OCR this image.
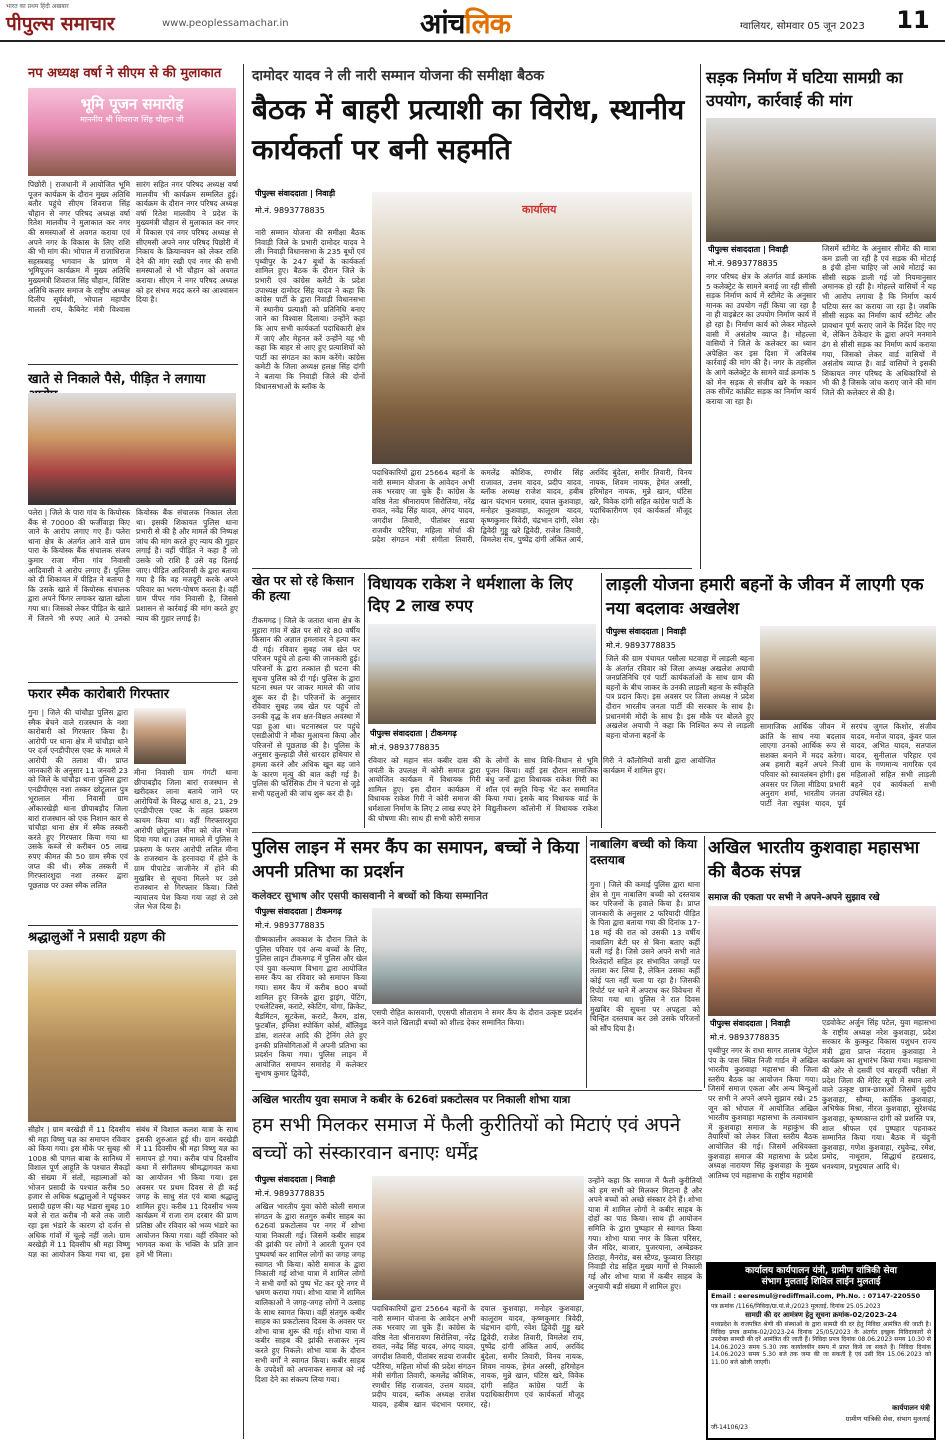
पीपुल्स समाचार
भारत का प्रथम हिंदी अखबार
www.peoplessamachar.in	आंचलिक	ग्वालियर, सोमवार 05 जून 2023 11
नप अध्यक्ष वर्षा ने सीएम से की मुलाकात
भूमि पूजन समारोह
माननीय श्री शिवराज सिंह चौहान जी
पिछोरी | राजधानी में आयोजित भूमि पूजन कार्यक्रम के दौरान मुख्य अतिथि बतौर पहुंचे सीएम शिवराज सिंह चौहान से नगर परिषद अध्यक्ष वर्षा रितेश मालवीय ने मुलाकात कर नगर की समस्याओं से अवगत कराया एवं अपने नगर के विकास के लिए राशि की भी मांग की। भोपाल में राजाधिराज सहस्त्रबाहु भगवान के प्रांगण में भूमिपूजन कार्यक्रम में मुख्य अतिथि मुख्यमंत्री शिवराज सिंह चौहान, विशिष्ट अतिथि कलार समाज के राष्ट्रीय अध्यक्ष दिलीप सूर्यवंशी, भोपाल महापौर मालती राय, कैबिनेट मंत्री विश्वास सारंग सहित नगर परिषद अध्यक्ष वर्षा मालवीय भी कार्यक्रम सम्मलित हुई। कार्यक्रम के दौरान नगर परिषद अध्यक्ष वर्षा रितेश मालवीय ने प्रदेश के मुख्यमंत्री चौहान से मुलाकात कर नगर में विकास एवं नगर परिषद अध्यक्ष से सीएमसी अपने नगर परिषद पिछोरी में निकाय के क्रियान्वयन को लेकर राशि देने की मांग रखी एवं नगर की सभी समस्याओं से भी चौहान को अवगत कराया। सीएम ने नगर परिषद अध्यक्ष को हर संभव मदद करने का आश्वासन दिया है।
खाते से निकाले पैसे, पीड़ित ने लगाया
पलेरा | जिले के पारा गांव के कियोस्क बैंक से 70000 की फर्जीवाड़ा किए जाने के आरोप लगाए गए हैं। पलेरा थाना क्षेत्र के अंतर्गत आने वाले ग्राम पारा के कियोस्क बैंक संचालक संजय कुमार राजा मीना गांव निवासी आदिवासी ने आरोप लगाए हैं। पुलिस को दी शिकायत में पीड़ित ने बताया है कि उसके खाते में कियोस्क संचालक द्वारा अपने फिंगर लगाकर खाता खोला गया था। जिसको लेकर पीड़ित के खाते में जितने भी रुपए आते थे उनको कियोस्क बैंक संचालक निकाल लेता था। इसकी शिकायत पुलिस थाना प्रभारी से की है और मामले की निष्पक्ष जांच की मांग करते हुए न्याय की गुहार लगाई है। वहीं पीड़ित ने कहा है जो उसके जो राशि है उसे वह दिलाई जाए। पीड़ित आदिवासी के द्वारा बताया गया है कि वह मजदूरी करके अपने परिवार का भरण-पोषण करता है। वहीं ग्राम पीपर गांव निवासी है, जिससे प्रशासन से कार्रवाई की मांग करते हुए न्याय की गुहार लगाई है।
फरार स्मैक कारोबारी गिरफ्तार
गुना | जिले की चांचौड़ा पुलिस द्वारा स्मैक बेचने वाले राजस्थान के नशा कारोबारी को गिरफ्तार किया है। आरोपी पर थाना क्षेत्र में चांचौड़ा थाने पर दर्ज एनडीपीएस एक्ट के मामले में आरोपी की तलाश थी। प्राप्त जानकारी के अनुसार 11 जनवरी 23 को जिले के चांचौड़ा थाना पुलिस द्वारा एनडीपीएस नशा तस्कर छोटूलाल पुत्र भूरालाल मीना निवासी ग्राम ओंकारखेड़ी थाना छीपाबड़ौद जिला बारां राजस्थान को एक निशान कार से चांचौड़ा थाना क्षेत्र में स्मैक तस्करी करते हुए गिरफ्तार किया गया था उसके कब्जे से करीबन 05 लाख रुपए कीमत की 50 ग्राम स्मैक एवं जप्त की थी। स्मैक तस्करी में गिरफ्तारशुदा नशा तस्कर द्वारा पूछताछ पर उक्त स्मैक ललित
मीना निवासी ग्राम गंगटी थाना छीपाबड़ौद जिला बारां राजस्थान से खरीदकर लाना बताये जाने पर आरोपियों के विरुद्ध धारा 8, 21, 29 एनडीपीएस एक्ट के तहत प्रकरण कायम किया था। वहीं गिरफ्तारशुदा आरोपी छोटूलाल मीना को जेल भेजा दिया गया था। उक्त मामले में पुलिस ने प्रकरण के फरार आरोपी ललित मीना के राजस्थान के हरनावदा में होने के ग्राम पीपाटेड जाजीनेर में होने की मुखबिर से सूचना मिलने पर उसे राजस्थान से गिरफ्तार किया। जिसे न्यायालय पेश किया गया जहां से उसे जेल भेज दिया है।
श्रद्धालुओं ने प्रसादी ग्रहण की
सीहोर | ग्राम बरखेड़ी में 11 दिवसीय श्री महा विष्णु यज्ञ का समापन रविवार को किया गया। इस मौके पर सुबह श्री 1008 श्री पागल बाबा के सानिध्य में विशाल पूर्ण आहूति के पश्चात सैकड़ों की संख्या में संतों, महात्माओं को भोजन प्रसादी के पश्चात करीब 50 हजार से अधिक श्रद्धालुओं ने पहुंचकर प्रसादी ग्रहण की। यह भंडारा सुबह 10 बजे से रात करीब नौ बजे तक जारी रहा इस भंडारे के कारण दो दर्जन से अधिक गांवों में चूल्हे नहीं जले। ग्राम बरखेड़ी में 11 दिवसीय श्री महा विष्णु यज्ञ का आयोजन किया गया था, इस संबंध में विशाल कलश यात्रा के साथ इसकी शुरुआत हुई थी। ग्राम बरखेड़ी में 11 दिवसीय श्री महा विष्णु यज्ञ का समापन हो गया। करीब पांच दिवसीय कथा में संगीतमय श्रीमद्भागवत कथा का आयोजन भी किया गया। इस अवसर पर प्रथम दिवस से ही कई जगह के साधु संत एवं बाबा श्रद्धालु शामिल हुए। करीब 11 दिवसीय भव्य कार्यक्रम में राजा राम दरबार की प्राण प्रतिष्ठा और रविवार को भव्य भंडारे का आयोजन किया गया। वहीं रविवार को भागवत कथा के भक्ति के प्रति ज्ञान हमें भी मिला।
दामोदर यादव ने ली नारी सम्मान योजना की समीक्षा बैठक
बैठक में बाहरी प्रत्याशी का विरोध, स्थानीय कार्यकर्ता पर बनी सहमति
पीपुल्स संवाददाता | निवाड़ी
मो.नं. 9893778835
नारी सम्मान योजना की समीक्षा बैठक निवाड़ी जिले के प्रभारी दामोदर यादव ने ली। निवाड़ी विधानसभा के 235 बूथों एवं पृथ्वीपुर के 247 बूथों के कार्यकर्ता शामिल हुए। बैठक के दौरान जिले के प्रभारी एवं कांग्रेस कमेटी के प्रदेश उपाध्यक्ष दामोदर सिंह यादव ने कहा कि कांग्रेस पार्टी के द्वारा निवाड़ी विधानसभा में स्थानीय प्रत्याशी को प्रतिनिधि बनाए जाने का विश्वास दिलाया। उन्होंने कहा कि आप सभी कार्यकर्ता पदाधिकारी क्षेत्र में जाएं और मेहनत करें उन्होंने यह भी कहा कि बाहर से आए हुए प्रत्याशियों को पार्टी का संगठन का काम करेंगे। कांग्रेस कमेटी के जिला अध्यक्ष हलक्ष सिंह दांगी ने बताया कि निवाड़ी जिले की दोनों विधानसभाओं के ब्लॉक के
कार्यालय
पदाधिकारियों द्वारा 25664 बहनों के नारी सम्मान योजना के आवेदन अभी तक भरवाए जा चुके हैं। कांग्रेस के वरिष्ठ नेता श्रीनारायण सिरोलिया, नरेंद्र रावत, नवेंद्र सिंह यादव, अंगद यादव, जगदीश तिवारी, पीतांबर सडया राजवीर पटैरिया, महिला मोर्चा की प्रदेश संगठन मंत्री संगीता तिवारी, कमलेंद्र कौशिक, रणधीर सिंह राजावत, उत्तम यादव, प्रदीप यादव, ब्लॉक अध्यक्ष राजेश यादव, हबीब खान चंदभान परमार, दयाल कुशवाहा, मनोहर कुशवाहा, कालूराम यादव, कृष्णकुमार त्रिवेदी, चंद्रभान दांगी, रवेश द्विवेदी गुड्डू खरे द्विवेदी, राजेश तिवारी, विमलेश राय, पुष्पेंद्र दांगी अंकित आर्य, अरविंद बुंदेला, समीर तिवारी, विनय नायक, शिवम नायक, हेमंत अस्सी, हरिमोहन नायक, मुन्ने खान, घंटिस खरे, विवेक दांगी सहित कांग्रेस पार्टी के पदाधिकारीगण एवं कार्यकर्ता मौजूद रहे।
खेत पर सो रहे किसान की हत्या
टीकमगढ़ | जिले के जतारा थाना क्षेत्र के मुहारा गांव में खेत पर सो रहे 80 वर्षीय किसान की अज्ञात हमलावर ने हत्या कर दी गई। रविवार सुबह जब खेत पर परिजन पहुंचे तो हत्या की जानकारी हुई। परिजनों के द्वारा तत्काल ही घटना की सूचना पुलिस को दी गई। पुलिस के द्वारा घटना स्थल पर जाकर मामले की जांच शुरू कर दी है। परिजनों के अनुसार रविवार सुबह जब खेत पर पहुंचे तो उनकी वृद्ध के शव क्षत-विक्षत अवस्था में पड़ा हुआ था। घटनास्थल पर पहुंचे एसडीओपी ने मौका मुआयना किया और परिजनों से पूछताछ की है। पुलिस के अनुसार कुल्हाड़ी जैसे धारदार हथियार से हमला करने और अधिक खून बह जाने के कारण मृत्यु की बात कही गई है। पुलिस की फॉरेंसिक टीम ने घटना से जुड़े सभी पहलुओं की जांच शुरू कर दी है।
विधायक राकेश ने धर्मशाला के लिए दिए 2 लाख रुपए
पीपुल्स संवाददाता | टीकमगढ़
मो.नं. 9893778835
रविवार को महान संत कबीर दास की जयंती के उपलक्ष में कोरी समाज द्वारा आयोजित कार्यक्रम में विधायक गिरी शामिल हुए। इस दौरान कार्यक्रम में विधायक राकेश गिरी ने कोरी समाज की धर्मशाला निर्माण के लिए 2 लाख रुपए देने की घोषणा की। साथ ही सभी कोरी समाज के लोगों के साथ विधि-विधान से भूमि पूजन किया। वहीं इस दौरान सामाजिक बंधु जनों द्वारा विधायक राकेश गिरी का शॉल एवं स्मृति चिन्ह भेंट कर सम्मानित किया गया। इसके बाद विधायक वार्ड के विद्युतीकरण कॉलोनी में विधायक राकेश गिरी ने कॉलोनियों वासी द्वारा आयोजित कार्यक्रम में शामिल हुए।
लाड़ली योजना हमारी बहनों के जीवन में लाएगी एक नया बदलावः अखलेश
पीपुल्स संवाददाता | निवाड़ी
मो.नं. 9893778835
जिले की ग्राम पंचायत पसौला घटवाहा में लाड़ली बहना के अंतर्गत रविवार को जिला अध्यक्ष अखलेश अयाची जनप्रतिनिधि एवं पार्टी कार्यकर्ताओं के साथ ग्राम की बहनों के बीच जाकर के उनकी लाड़ली बहना के स्वीकृति पत्र प्रदान किए। इस अवसर पर जिला अध्यक्ष ने प्रदेश दौरान भारतीय जनता पार्टी की सरकार के साथ है। प्रधानमंत्री मोदी के साथ है। इस मौके पर बोलते हुए अखलेश अयाची ने कहा कि निश्चित रूप से लाड़ली बहना योजना बहनों के
सामाजिक आर्थिक जीवन में क्रांति के साथ नया बदलाव लाएगा उनको आर्थिक रूप से सशक्त बनाने में मदद करेगा। अब हमारी बहनें अपने निजी परिवार को स्वावलंबन होगी। इस अवसर पर जिला मीडिया प्रभारी अनुराग शर्मा, भारतीय जनता पार्टी नेता रघुवंश यादव, पूर्व सरपंच जुगल किशोर, संजीव यादव, मनोज यादव, कुंवर पाल यादव, अभित यादव, सतपाल यादव, सुनीलाल परिहार एवं ग्राम के गणमान्य नागरिक एवं महिलाओं सहित सभी लाड़ली बहने एवं कार्यकर्ता सभी उपस्थित रहे।
पुलिस लाइन में समर कैंप का समापन, बच्चों ने किया अपनी प्रतिभा का प्रदर्शन
कलेक्टर सुभाष और एसपी कासवानी ने बच्चों को किया सम्मानित
पीपुल्स संवाददाता | टीकमगढ़
मो.नं. 9893778835
ग्रीष्मकालीन अवकाश के दौरान जिले के पुलिस परिवार एवं अन्य बच्चों के लिए, पुलिस लाइन टीकमगढ़ में पुलिस और खेल एवं युवा कल्याण विभाग द्वारा आयोजित समर कैंप का रविवार को समापन किया गया। समर कैंप में करीब 800 बच्चों शामिल हुए जिनके द्वारा ड्राइंग, पेंटिंग, एथलेटिक्स, कराटे, स्केटिंग, योगा, क्रिकेट, बैडमिंटन, सूटकेस, कराटे, कैरम, डांस, फुटबॉल, इंग्लिश स्पोकिंग कोर्स, बॉलिवुड डांस, शतरंज आदि की ट्रेनिंग लेते हुए इनकी प्रतियोगिताओं में अपनी प्रतिभा का प्रदर्शन किया गया। पुलिस लाइन में आयोजित समापन समारोह में कलेक्टर सुभाष कुमार द्विवेदी,
एसपी रोहित कासवानी, एएसपी सीताराम ने समर कैंप के दौरान उत्कृष्ट प्रदर्शन करने वाले खिलाड़ी बच्चों को शील्ड देकर सम्मानित किया।
नाबालिग बच्ची को किया दस्तयाब
गुना | जिले की कमाई पुलिस द्वारा थाना क्षेत्र से गुम नाबालिग बच्ची को दस्तयाब कर परिजनों के हवाले किया है। प्राप्त जानकारी के अनुसार 2 फरियादी पीड़ित के पिता द्वारा बताया गया की दिनांक 17-18 मई की रात को उसकी 13 वर्षीय नाबालिग बेटी घर से बिना बताए कहीं चली गई है। जिसे उसने अपने सभी नाते रिश्तेदारों सहित हर संभावित जगहों पर तलाश कर लिया है, लेकिन उसका कहीं कोई पता नहीं चला पा रहा है। जिसकी रिपोर्ट पर थाने में अपराध कर विवेचना में लिया गया था। पुलिस ने रात दिवस मुखबिर की सूचना पर अपहृता को चिन्हित दस्तयाब कर उसे उसके परिजनों को सौंप दिया है।
अखिल भारतीय कुशवाहा महासभा की बैठक संपन्न
समाज की एकता पर सभी ने अपने-अपने सुझाव रखे
पीपुल्स संवाददाता | निवाड़ी
मो.नं. 9893778835
पृथ्वीपुर नगर के राधा सागर तालाब पेट्रोल पंप के पास स्थित निजी गार्डन में अखिल भारतीय कुशवाहा महासभा की जिला स्तरीय बैठक का आयोजन किया गया। जिसमें समाज एकता और अन्य बिन्दुओं पर सभी ने अपने अपने सुझाव रखे। 25 जून को भोपाल में आयोजित अखिल भारतीय कुशवाहा महासभा के तत्वावधान में कुशवाहा समाज के महाकुंभ की तैयारियों को लेकर जिला स्तरीय बैठक आयोजित की गई। जिसमें अधिवक्ता कुशवाहा समाज की महासभा के प्रदेश अध्यक्ष नारायण सिंह कुशवाहा के मुख्य आतिथ्य एवं महासभा के राष्ट्रीय महामंत्री
एडवोकेट अर्जुन सिंह पटेल, युवा महासभा के राष्ट्रीय अध्यक्ष नरेश कुशवाहा, प्रदेश सरकार के कुक्कुट विकास पशुधन राज्य मंत्री द्वारा प्राप्त नंदराम कुशवाहा ने कार्यक्रम का शुभारंभ किया गया। महासभा की ओर से दसवीं एवं बारहवीं परीक्षा में प्रदेश जिला की मेरिट सूची में स्थान लाने वाले उत्कृष्ट छात्र-छात्राओं जिसमें सुदीप कुशवाहा, सौम्या, कार्तिक कुशवाहा, अभिषेक मिश्रा, नीरज कुशवाहा, सुरेशचंद्र कुशवाहा, कृष्णकान्त दांगी को प्रशस्ति पत्र, शाल श्रीफल एवं पुष्पहार पहनाकर सम्मानित किया गया। बैठक में चंदुनी कुशवाहा, गणेश कुशवाहा, रघुवेन्द्र, रमेश, प्रमोद, नाथूराम, सिद्धार्थ हरप्रसाद, धनश्याम, प्रभुदयाल आदि थे।
अखिल भारतीय युवा समाज ने कबीर के 626वां प्रकटोत्सव पर निकाली शोभा यात्रा
हम सभी मिलकर समाज में फैली कुरीतियों को मिटाएं एवं अपने बच्चों को संस्कारवान बनाएः धर्मेंद्र
पीपुल्स संवाददाता | निवाड़ी
मो.नं. 9893778835
अखिल भारतीय युवा कोरी कोली समाज संगठन के द्वारा सतगुरु कबीर साहब का 626वां प्रकटोत्सव पर नगर में शोभा यात्रा निकाली गई। जिसमें कबीर साहब की झांकी पर लोगों ने आरती पूजन एवं पुष्पवर्षा कर शामिल लोगों का जगह जगह स्वागत भी किया। कोरी समाज के द्वारा निकाली गई शोभा यात्रा में शामिल लोगों ने सभी वर्गों को पुष्प भेंट कर पूरे नगर में भ्रमण कराया गया। शोभा यात्रा में शामिल बालिकाओं ने जगह-जगह लोगों ने उत्साह के साथ स्वागत किया। वहीं संतगुरु कबीर साहब का प्रकटोत्सव दिवस के अवसर पर शोभा यात्रा शुरू की गई। शोभा यात्रा में कबीर साहब की झांकी सजाकर नृत्य करते हुए निकले। शोभा यात्रा के दौरान सभी वर्गों ने स्वागत किया। कबीर साहब के उपदेशों को अपनाकर समाज को नई दिशा देने का संकल्प लिया गया।
उन्होंने कहा कि समाज में फैली कुरीतियों को हम सभी को मिलकर मिटाना है और अपने बच्चों को अच्छे संस्कार देने हैं। शोभा यात्रा में शामिल लोगों ने कबीर साहब के दोहों का पाठ किया। साथ ही आयोजन समिति के द्वारा पुष्पहार से स्वागत किया गया। शोभा यात्रा नगर के किला परिसर, जैन मंदिर, बाजार, पुजरयाना, अम्बेडकर तिराहा, मैनरोड, बस स्टैण्ड, फुव्वारा तिराहा निवाड़ी रोड सहित मुख्य मार्गों से निकाली गई और शोभा यात्रा में कबीर साहब के अनुयायी बड़ी संख्या में शामिल हुए।
पदाधिकारियों द्वारा 25664 बहनों के नारी सम्मान योजना के आवेदन अभी तक भरवाए जा चुके हैं। कांग्रेस के वरिष्ठ नेता श्रीनारायण सिरोलिया, नरेंद्र रावत, नवेंद्र सिंह यादव, अंगद यादव, जगदीश तिवारी, पीतांबर सडया राजवीर पटैरिया, महिला मोर्चा की प्रदेश संगठन मंत्री संगीता तिवारी, कमलेंद्र कौशिक, रणधीर सिंह राजावत, उत्तम यादव, प्रदीप यादव, ब्लॉक अध्यक्ष राजेश यादव, हबीब खान चंदभान परमार, दयाल कुशवाहा, मनोहर कुशवाहा, कालूराम यादव, कृष्णकुमार त्रिवेदी, चंद्रभान दांगी, रवेश द्विवेदी गुड्डू खरे द्विवेदी, राजेश तिवारी, विमलेश राय, पुष्पेंद्र दांगी अंकित आर्य, अरविंद बुंदेला, समीर तिवारी, विनय नायक, शिवम नायक, हेमंत अस्सी, हरिमोहन नायक, मुन्ने खान, घंटिस खरे, विवेक दांगी सहित कांग्रेस पार्टी के पदाधिकारीगण एवं कार्यकर्ता मौजूद रहे।
सड़क निर्माण में घटिया सामग्री का उपयोग, कार्रवाई की मांग
पीपुल्स संवाददाता | निवाड़ी
मो.नं. 9893778835
नगर परिषद क्षेत्र के अंतर्गत वार्ड क्रमांक 5 कलेक्ट्रेट के सामने बनाई जा रही सीसी सड़क निर्माण कार्य में स्टीमेट के अनुसार मानक का उपयोग नहीं किया जा रहा है ना ही वाइब्रेटर का उपयोग निर्माण कार्य में हो रहा है। निर्माण कार्य को लेकर मोहल्ले वासी में असंतोष व्याप्त है। मोहल्ला वासियों ने जिले के कलेक्टर का ध्यान अपेक्षित कर इस दिशा में अविलंब कार्रवाई की मांग की है। नगर के तहसील के आगे कलेक्ट्रेट के सामने वार्ड क्रमांक 5 को मेन सड़क से संजीव खरे के मकान तक सीमेंट कांक्रीट सड़क का निर्माण कार्य कराया जा रहा है।
जिसमें स्टीमेट के अनुसार सीमेंट की मात्रा कम डाली जा रही है एवं सड़क की मोटाई 8 इंची होना चाहिए जो आधे मोटाई का सीसी सड़क डाली गई जो नियमानुसार अमानक हो रही है। मोहल्ले वासियों ने यह भी आरोप लगाया है कि निर्माण कार्य घटिया स्तर का कराया जा रहा है। जबकि सीसी सड़क का निर्माण कार्य स्टीमेट और प्रावधान पूर्ण कराए जाने के निर्देश दिए गए थे, लेकिन ठेकेदार के द्वारा अपने मनमाने ढंग से सीसी सड़क का निर्माण कार्य कराया गया, जिसको लेकर वार्ड वासियों में असंतोष व्याप्त है। वार्ड वासियों ने इसकी शिकायत नगर परिषद के अधिकारियों से भी की है जिसके जांच कराए जाने की मांग जिले की कलेक्टर से की है।
कार्यालय कार्यपालन यंत्री, ग्रामीण यांत्रिकी सेवा
संभाग मुलताई शिविल लाईन मुलताई
Email : eeresmul@rediffmail.com, Ph.No. : 07147-220550
पत्र क्रमांक /1166/निविदा/ग्रा.यां.से./2023 मुलताई, दिनांक 25.05.2023
सामग्री की दर आमंत्रण हेतु सूचना क्रमांक-02/2023-24
मध्यप्रदेश के राजपत्रित श्रेणी की संस्थाओं के द्वारा सामग्री की दर हेतु निविदा आमंत्रित की जाती है। निविदा प्रपत्र क्रमांक-02/2023-24 दिनांक 25/05/2023 के अंतर्गत इच्छुक निविदाकारों से उपरोक्त सामग्री की दरें आमंत्रित की जाती हैं। निविदा प्रपत्र दिनांक 08.06.2023 समय 10.30 से 14.06.2023 समय 5.30 तक कार्यालयीन समय में प्राप्त किये जा सकते हैं। निविदा दिनांक 14.06.2023 समय 5.30 बजे तक जमा की जा सकती है एवं उसी दिन 15.06.2023 को 11.00 बजे खोली जाएगी।
कार्यपालन यंत्री
ग्रामीण यांत्रिकी सेवा, संभाग मुलताई
जी-14106/23
